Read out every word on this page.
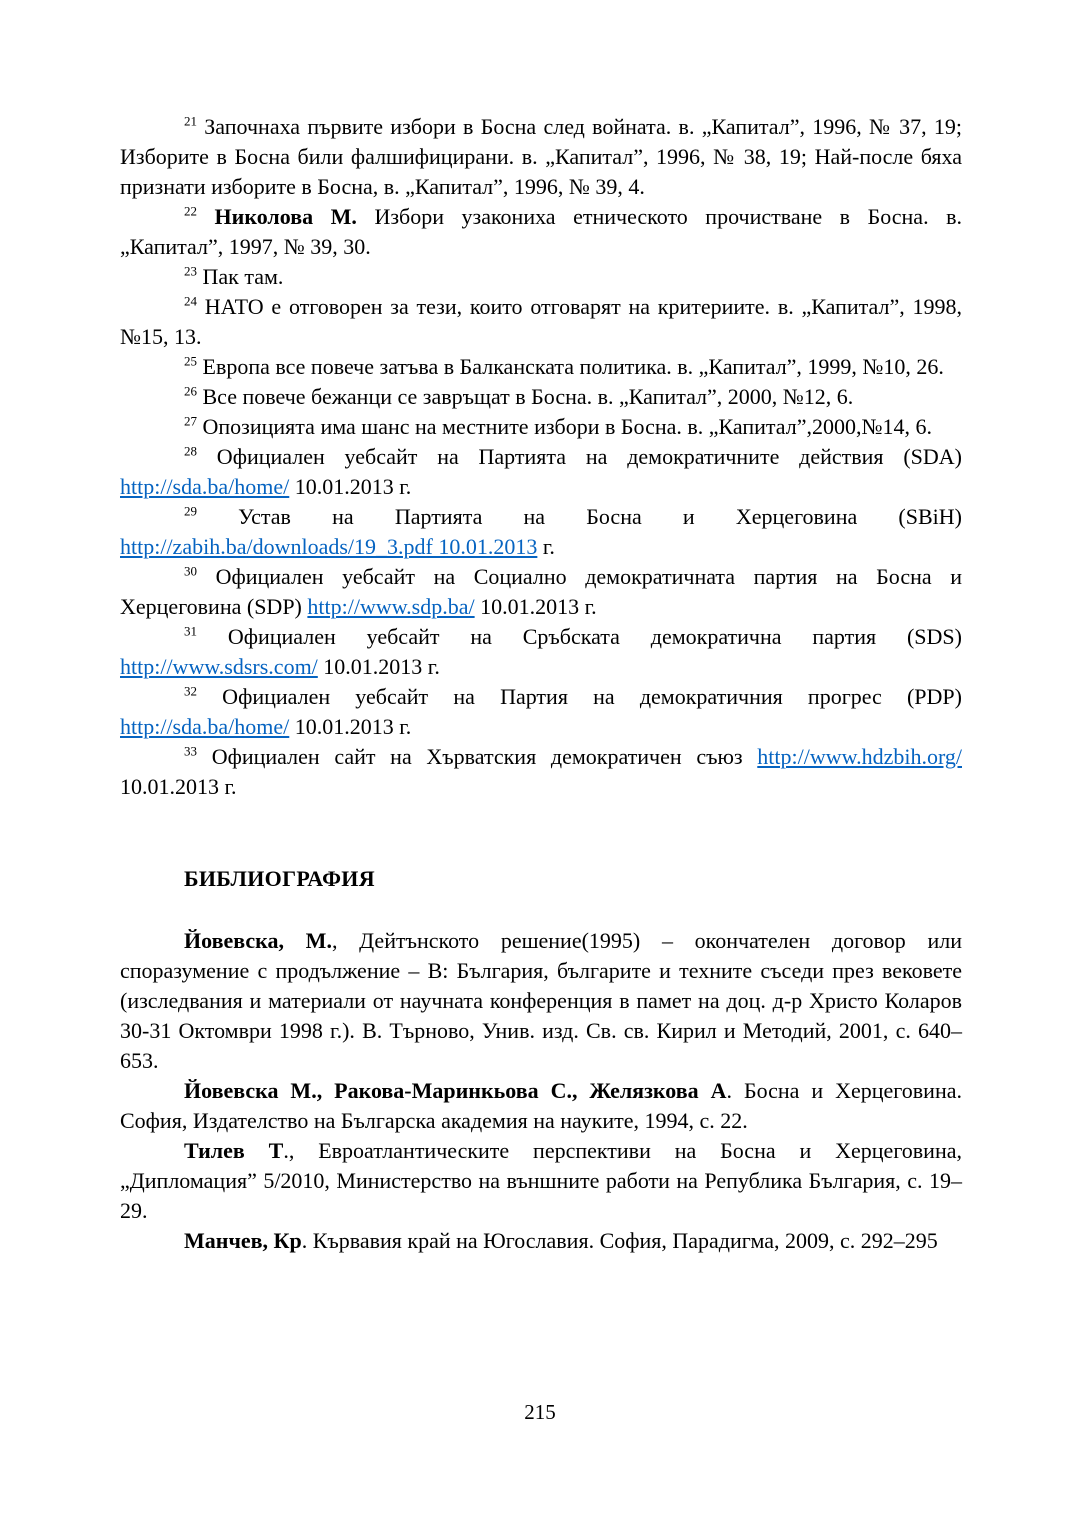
$^{21}$ Започнаха първите избори в Босна след войната. в. „Капитал”, 1996, № 37, 19; Изборите в Босна били фалшифицирани. в. „Капитал”, 1996, № 38, 19; Най-после бяха признати изборите в Босна, в. „Капитал”, 1996, № 39, 4.

$^{22}$ Николова М. Избори узакониха етническото прочистване в Босна. в. „Капитал”, 1997, № 39, 30.

$^{23}$ Пак там.

$^{24}$ НАТО е отговорен за тези, които отговарят на критериите. в. „Капитал”, 1998, №15, 13.

$^{25}$ Европа все повече затъва в Балканската политика. в. „Капитал”, 1999, №10, 26.

$^{26}$ Все повече бежанци се завръщат в Босна. в. „Капитал”, 2000, №12, 6.

$^{27}$ Опозицията има шанс на местните избори в Босна. в. „Капитал”,2000,№14, 6.

$^{28}$ Официален уебсайт на Партията на демократичните действия (SDA) http://sda.ba/home/ 10.01.2013 г.

$^{29}$ Устав на Партията на Босна и Херцеговина (SBiH) http://zabih.ba/downloads/19_3.pdf 10.01.2013 г.

$^{30}$ Официален уебсайт на Социално демократичната партия на Босна и Херцеговина (SDP) http://www.sdp.ba/ 10.01.2013 г.

$^{31}$ Официален уебсайт на Сръбската демократична партия (SDS) http://www.sdsrs.com/ 10.01.2013 г.

$^{32}$ Официален уебсайт на Партия на демократичния прогрес (PDP) http://sda.ba/home/ 10.01.2013 г.

$^{33}$ Официален сайт на Хърватския демократичен съюз http://www.hdzbih.org/ 10.01.2013 г.

БИБЛИОГРАФИЯ

Йовевска, М., Дейтънското решение(1995) – окончателен договор или споразумение с продължение – В: България, българите и техните съседи през вековете (изследвания и материали от научната конференция в памет на доц. д-р Христо Коларов 30-31 Октомври 1998 г.). В. Търново, Унив. изд. Св. св. Кирил и Методий, 2001, с. 640–653.

Йовевска М., Ракова-Маринкьова С., Желязкова А. Босна и Херцеговина. София, Издателство на Българска академия на науките, 1994, с. 22.

Тилев Т., Евроатлантическите перспективи на Босна и Херцеговина, „Дипломация” 5/2010, Министерство на външните работи на Република България, с. 19–29.

Манчев, Кр. Кървавия край на Югославия. София, Парадигма, 2009, с. 292–295

215
